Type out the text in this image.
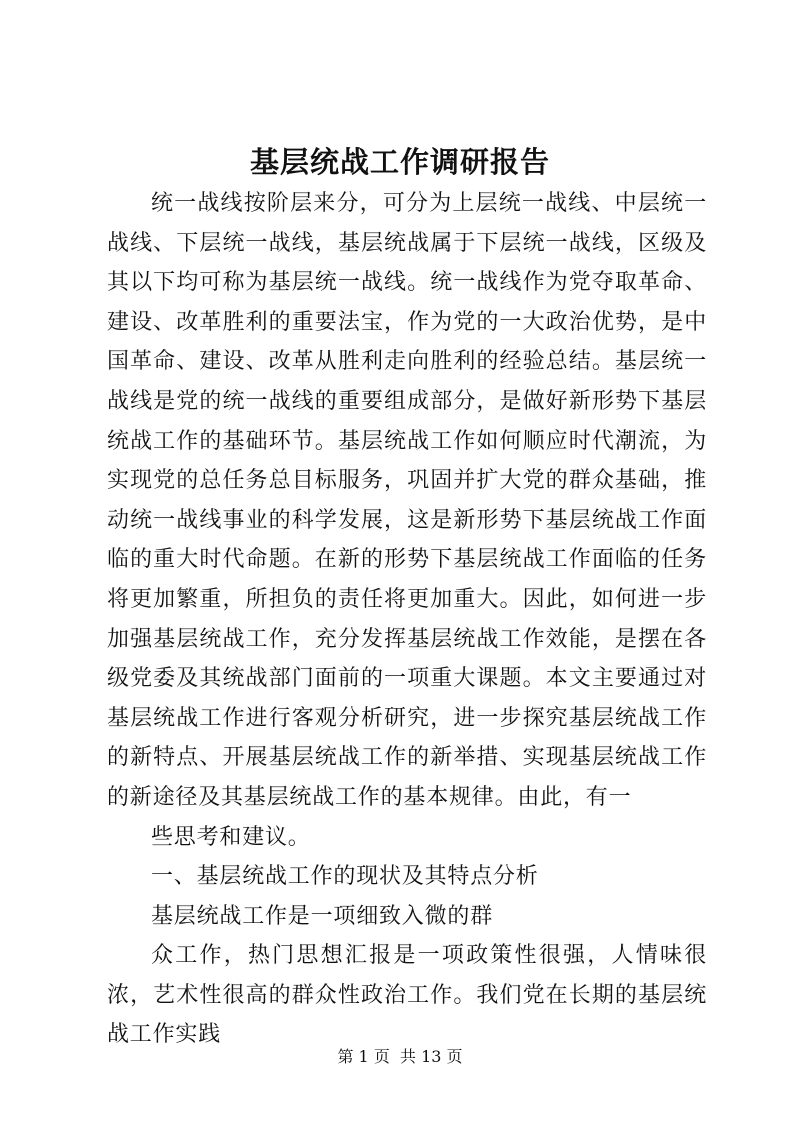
基层统战工作调研报告

统一战线按阶层来分，可分为上层统一战线、中层统一战线、下层统一战线，基层统战属于下层统一战线，区级及其以下均可称为基层统一战线。统一战线作为党夺取革命、建设、改革胜利的重要法宝，作为党的一大政治优势，是中国革命、建设、改革从胜利走向胜利的经验总结。基层统一战线是党的统一战线的重要组成部分，是做好新形势下基层统战工作的基础环节。基层统战工作如何顺应时代潮流，为实现党的总任务总目标服务，巩固并扩大党的群众基础，推动统一战线事业的科学发展，这是新形势下基层统战工作面临的重大时代命题。在新的形势下基层统战工作面临的任务将更加繁重，所担负的责任将更加重大。因此，如何进一步加强基层统战工作，充分发挥基层统战工作效能，是摆在各级党委及其统战部门面前的一项重大课题。本文主要通过对基层统战工作进行客观分析研究，进一步探究基层统战工作的新特点、开展基层统战工作的新举措、实现基层统战工作的新途径及其基层统战工作的基本规律。由此，有一

些思考和建议。

一、基层统战工作的现状及其特点分析

基层统战工作是一项细致入微的群

众工作，热门思想汇报是一项政策性很强，人情味很浓，艺术性很高的群众性政治工作。我们党在长期的基层统战工作实践

第 1 页  共 13 页
